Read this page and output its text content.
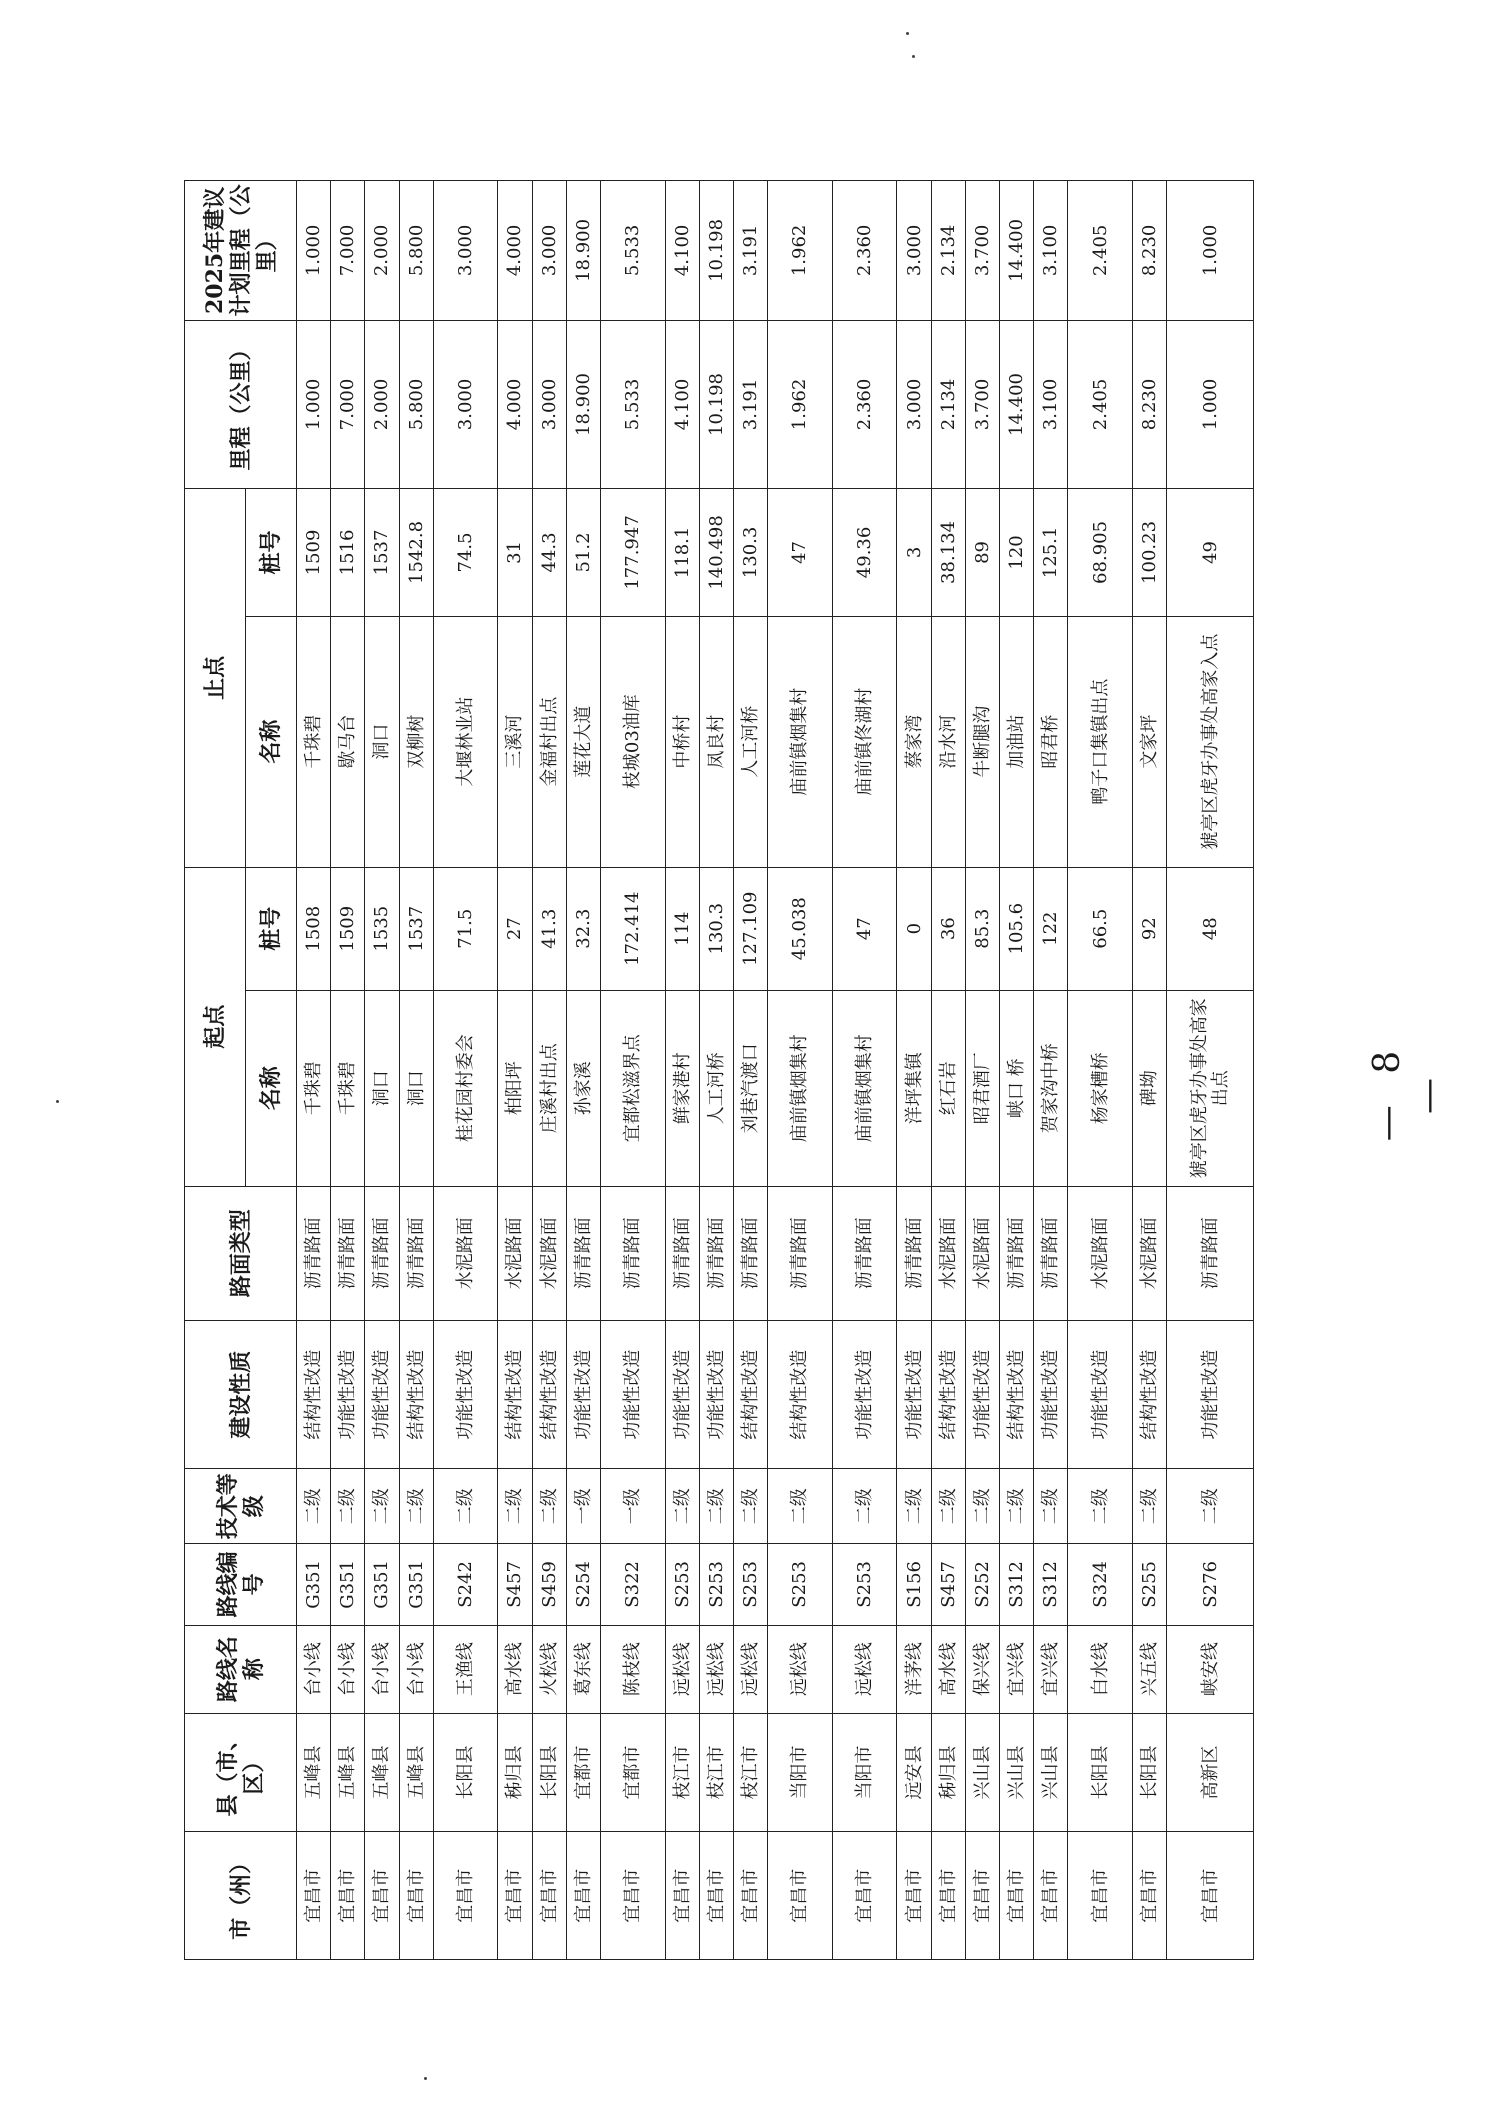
市（州）	县（市、区）	路线名称	路线编号	技术等级	建设性质	路面类型	起点		止点		里程（公里）	2025年建议计划里程（公里）
							名称	桩号	名称	桩号		
宜昌市	五峰县	台小线	G351	二级	结构性改造	沥青路面	千珠碧	1508	千珠碧	1509	1.000	1.000
宜昌市	五峰县	台小线	G351	二级	功能性改造	沥青路面	千珠碧	1509	歇马台	1516	7.000	7.000
宜昌市	五峰县	台小线	G351	二级	功能性改造	沥青路面	洞口	1535	洞口	1537	2.000	2.000
宜昌市	五峰县	台小线	G351	二级	结构性改造	沥青路面	洞口	1537	双柳树	1542.8	5.800	5.800
宜昌市	长阳县	王渔线	S242	二级	功能性改造	水泥路面	桂花园村委会	71.5	大堰林业站	74.5	3.000	3.000
宜昌市	秭归县	高水线	S457	二级	结构性改造	水泥路面	柏阳坪	27	三溪河	31	4.000	4.000
宜昌市	长阳县	火松线	S459	二级	结构性改造	水泥路面	庄溪村出点	41.3	金福村出点	44.3	3.000	3.000
宜昌市	宜都市	葛东线	S254	一级	功能性改造	沥青路面	孙家溪	32.3	莲花大道	51.2	18.900	18.900
宜昌市	宜都市	陈枝线	S322	一级	功能性改造	沥青路面	宜都松滋界点	172.414	枝城03油库	177.947	5.533	5.533
宜昌市	枝江市	远松线	S253	二级	功能性改造	沥青路面	鲜家港村	114	中桥村	118.1	4.100	4.100
宜昌市	枝江市	远松线	S253	二级	功能性改造	沥青路面	人工河桥	130.3	凤良村	140.498	10.198	10.198
宜昌市	枝江市	远松线	S253	二级	结构性改造	沥青路面	刘巷汽渡口	127.109	人工河桥	130.3	3.191	3.191
宜昌市	当阳市	远松线	S253	二级	结构性改造	沥青路面	庙前镇烟集村	45.038	庙前镇烟集村	47	1.962	1.962
宜昌市	当阳市	远松线	S253	二级	功能性改造	沥青路面	庙前镇烟集村	47	庙前镇佟湖村	49.36	2.360	2.360
宜昌市	远安县	洋茅线	S156	二级	功能性改造	沥青路面	洋坪集镇	0	蔡家湾	3	3.000	3.000
宜昌市	秭归县	高水线	S457	二级	结构性改造	水泥路面	红石岩	36	沿水河	38.134	2.134	2.134
宜昌市	兴山县	保兴线	S252	二级	功能性改造	水泥路面	昭君酒厂	85.3	牛断腿沟	89	3.700	3.700
宜昌市	兴山县	宜兴线	S312	二级	结构性改造	沥青路面	峡口 桥	105.6	加油站	120	14.400	14.400
宜昌市	兴山县	宜兴线	S312	二级	功能性改造	沥青路面	贺家沟中桥	122	昭君桥	125.1	3.100	3.100
宜昌市	长阳县	白水线	S324	二级	功能性改造	水泥路面	杨家槽桥	66.5	鸭子口集镇出点	68.905	2.405	2.405
宜昌市	长阳县	兴五线	S255	二级	结构性改造	水泥路面	碑坳	92	文家坪	100.23	8.230	8.230
宜昌市	高新区	峡安线	S276	二级	功能性改造	沥青路面	猇亭区虎牙办事处高家出点	48	猇亭区虎牙办事处高家入点	49	1.000	1.000
— 8 —
